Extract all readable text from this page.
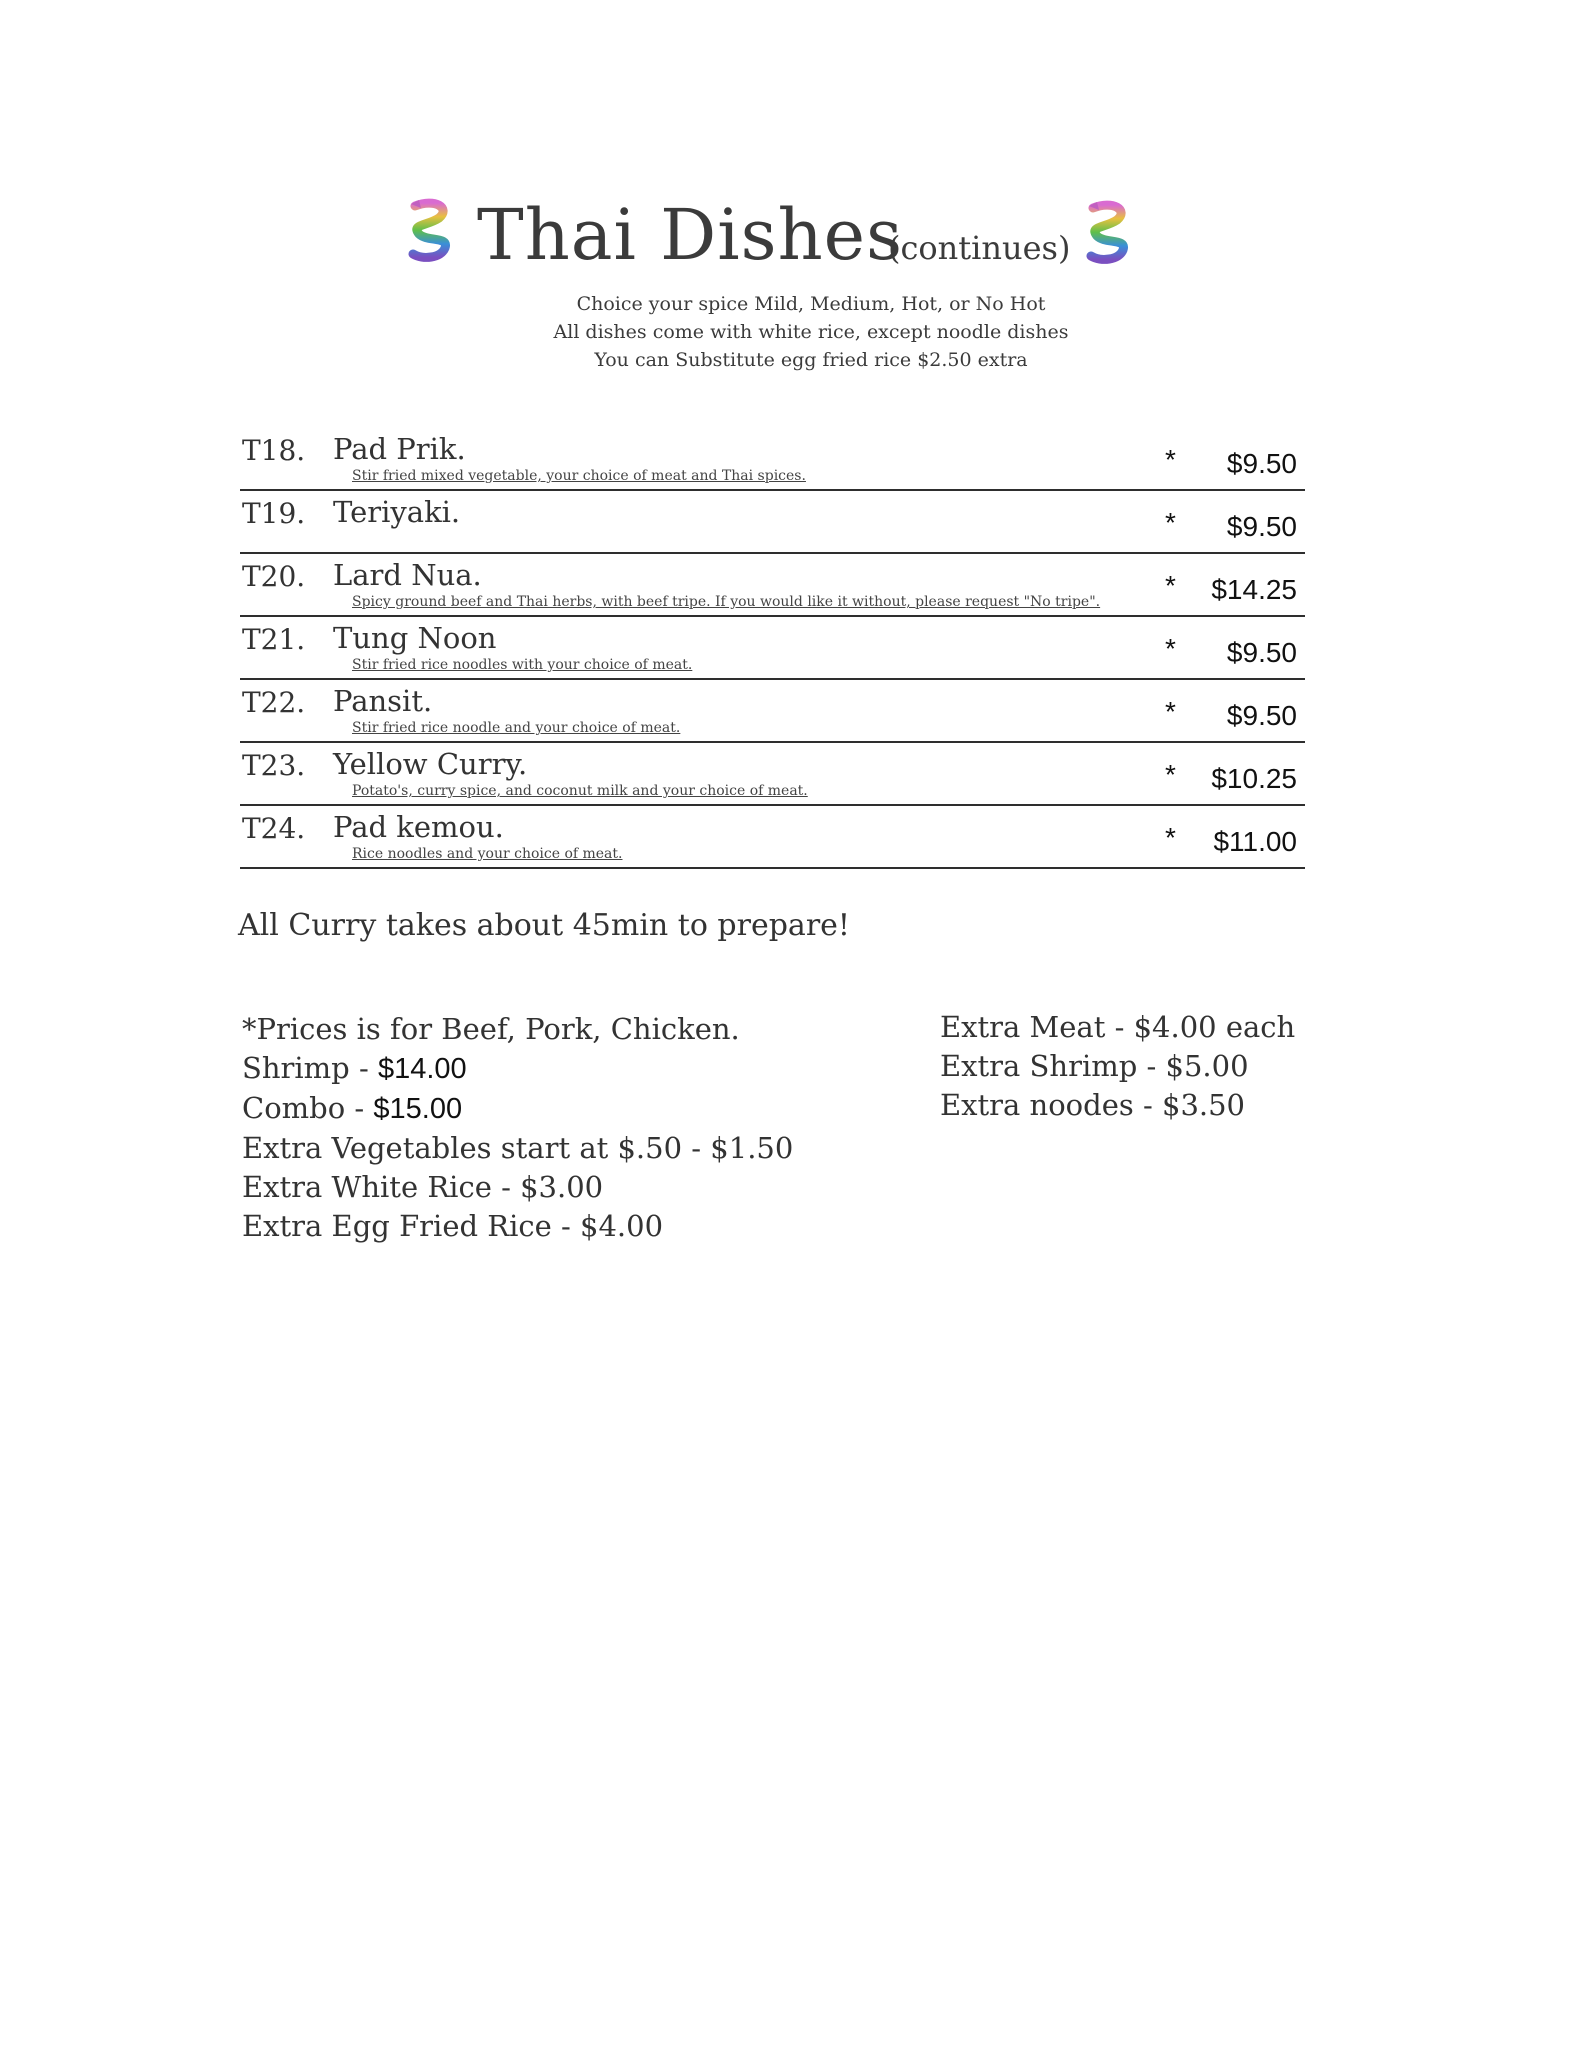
Thai Dishes
(continues)
Choice your spice Mild, Medium, Hot, or No Hot
All dishes come with white rice, except noodle dishes
You can Substitute egg fried rice $2.50 extra
T18. Pad Prik.
Stir fried mixed vegetable, your choice of meat and Thai spices.
* $9.50
T19. Teriyaki.	* $9.50
T20. Lard Nua.
Spicy ground beef and Thai herbs, with beef tripe. If you would like it without, please request "No tripe".
* $14.25
T21. Tung Noon
Stir fried rice noodles with your choice of meat.
* $9.50
T22. Pansit.
Stir fried rice noodle and your choice of meat.
* $9.50
T23. Yellow Curry.
Potato's, curry spice, and coconut milk and your choice of meat.
* $10.25
T24. Pad kemou.
Rice noodles and your choice of meat.
* $11.00
All Curry takes about 45min to prepare!
*Prices is for Beef, Pork, Chicken.
Shrimp - $14.00
Combo - $15.00
Extra Vegetables start at $.50 - $1.50
Extra White Rice - $3.00
Extra Egg Fried Rice - $4.00
Extra Meat - $4.00 each
Extra Shrimp - $5.00
Extra noodes - $3.50
